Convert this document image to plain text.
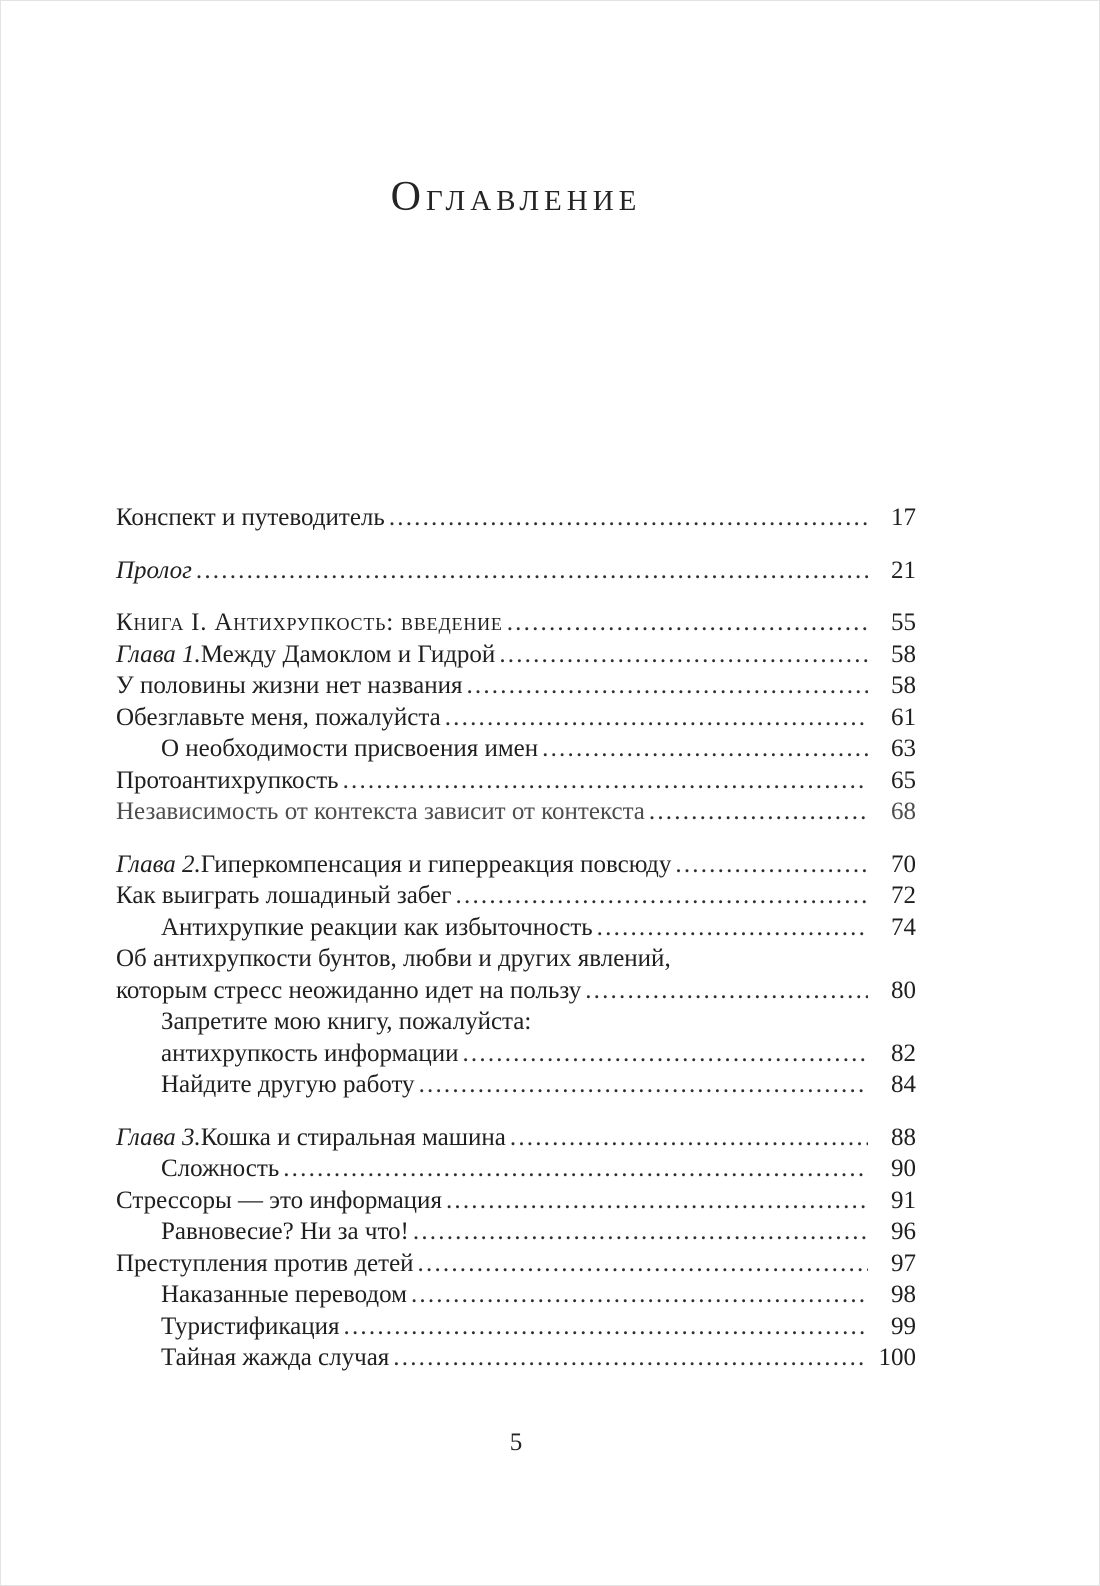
Оглавление
Конспект и путеводитель .....	17
Пролог .....	21
Книга I. Антихрупкость: введение .....	55
Глава 1. Между Дамоклом и Гидрой .....	58
У половины жизни нет названия .....	58
Обезглавьте меня, пожалуйста .....	61
О необходимости присвоения имен .....	63
Протоантихрупкость .....	65
Независимость от контекста зависит от контекста .....	68
Глава 2. Гиперкомпенсация и гиперреакция повсюду .....	70
Как выиграть лошадиный забег .....	72
Антихрупкие реакции как избыточность .....	74
Об антихрупкости бунтов, любви и других явлений,
которым стресс неожиданно идет на пользу .....	80
Запретите мою книгу, пожалуйста:
антихрупкость информации .....	82
Найдите другую работу .....	84
Глава 3. Кошка и стиральная машина .....	88
Сложность .....	90
Стрессоры — это информация .....	91
Равновесие? Ни за что! .....	96
Преступления против детей .....	97
Наказанные переводом .....	98
Туристификация .....	99
Тайная жажда случая .....	100
5
